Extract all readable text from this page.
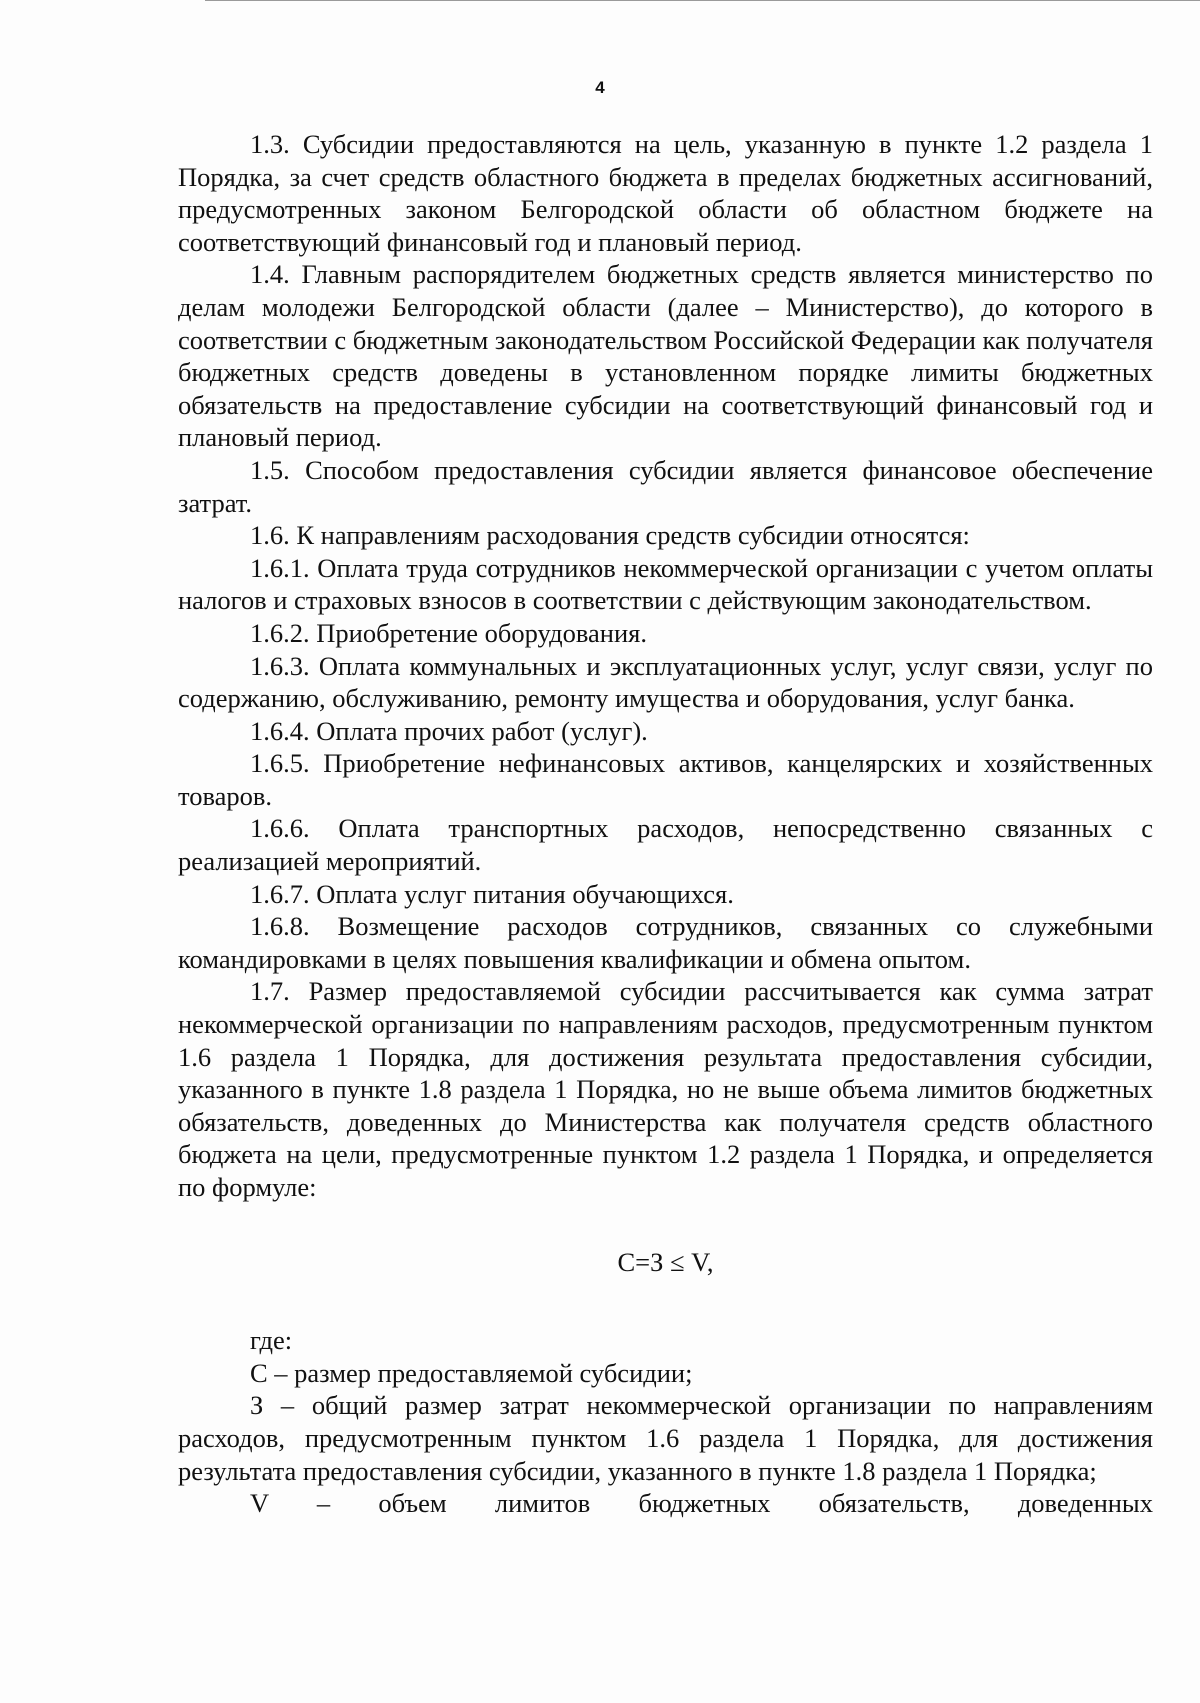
4

1.3. Субсидии предоставляются на цель, указанную в пункте 1.2 раздела 1 Порядка, за счет средств областного бюджета в пределах бюджетных ассигнований, предусмотренных законом Белгородской области об областном бюджете на соответствующий финансовый год и плановый период.

1.4. Главным распорядителем бюджетных средств является министерство по делам молодежи Белгородской области (далее – Министерство), до которого в соответствии с бюджетным законодательством Российской Федерации как получателя бюджетных средств доведены в установленном порядке лимиты бюджетных обязательств на предоставление субсидии на соответствующий финансовый год и плановый период.

1.5. Способом предоставления субсидии является финансовое обеспечение затрат.

1.6. К направлениям расходования средств субсидии относятся:

1.6.1. Оплата труда сотрудников некоммерческой организации с учетом оплаты налогов и страховых взносов в соответствии с действующим законодательством.

1.6.2. Приобретение оборудования.

1.6.3. Оплата коммунальных и эксплуатационных услуг, услуг связи, услуг по содержанию, обслуживанию, ремонту имущества и оборудования, услуг банка.

1.6.4. Оплата прочих работ (услуг).

1.6.5. Приобретение нефинансовых активов, канцелярских и хозяйственных товаров.

1.6.6. Оплата транспортных расходов, непосредственно связанных с реализацией мероприятий.

1.6.7. Оплата услуг питания обучающихся.

1.6.8. Возмещение расходов сотрудников, связанных со служебными командировками в целях повышения квалификации и обмена опытом.

1.7. Размер предоставляемой субсидии рассчитывается как сумма затрат некоммерческой организации по направлениям расходов, предусмотренным пунктом 1.6 раздела 1 Порядка, для достижения результата предоставления субсидии, указанного в пункте 1.8 раздела 1 Порядка, но не выше объема лимитов бюджетных обязательств, доведенных до Министерства как получателя средств областного бюджета на цели, предусмотренные пунктом 1.2 раздела 1 Порядка, и определяется по формуле:

С=З ≤ V,

где:

С – размер предоставляемой субсидии;

З – общий размер затрат некоммерческой организации по направлениям расходов, предусмотренным пунктом 1.6 раздела 1 Порядка, для достижения результата предоставления субсидии, указанного в пункте 1.8 раздела 1 Порядка;

V – объем лимитов бюджетных обязательств, доведенных
